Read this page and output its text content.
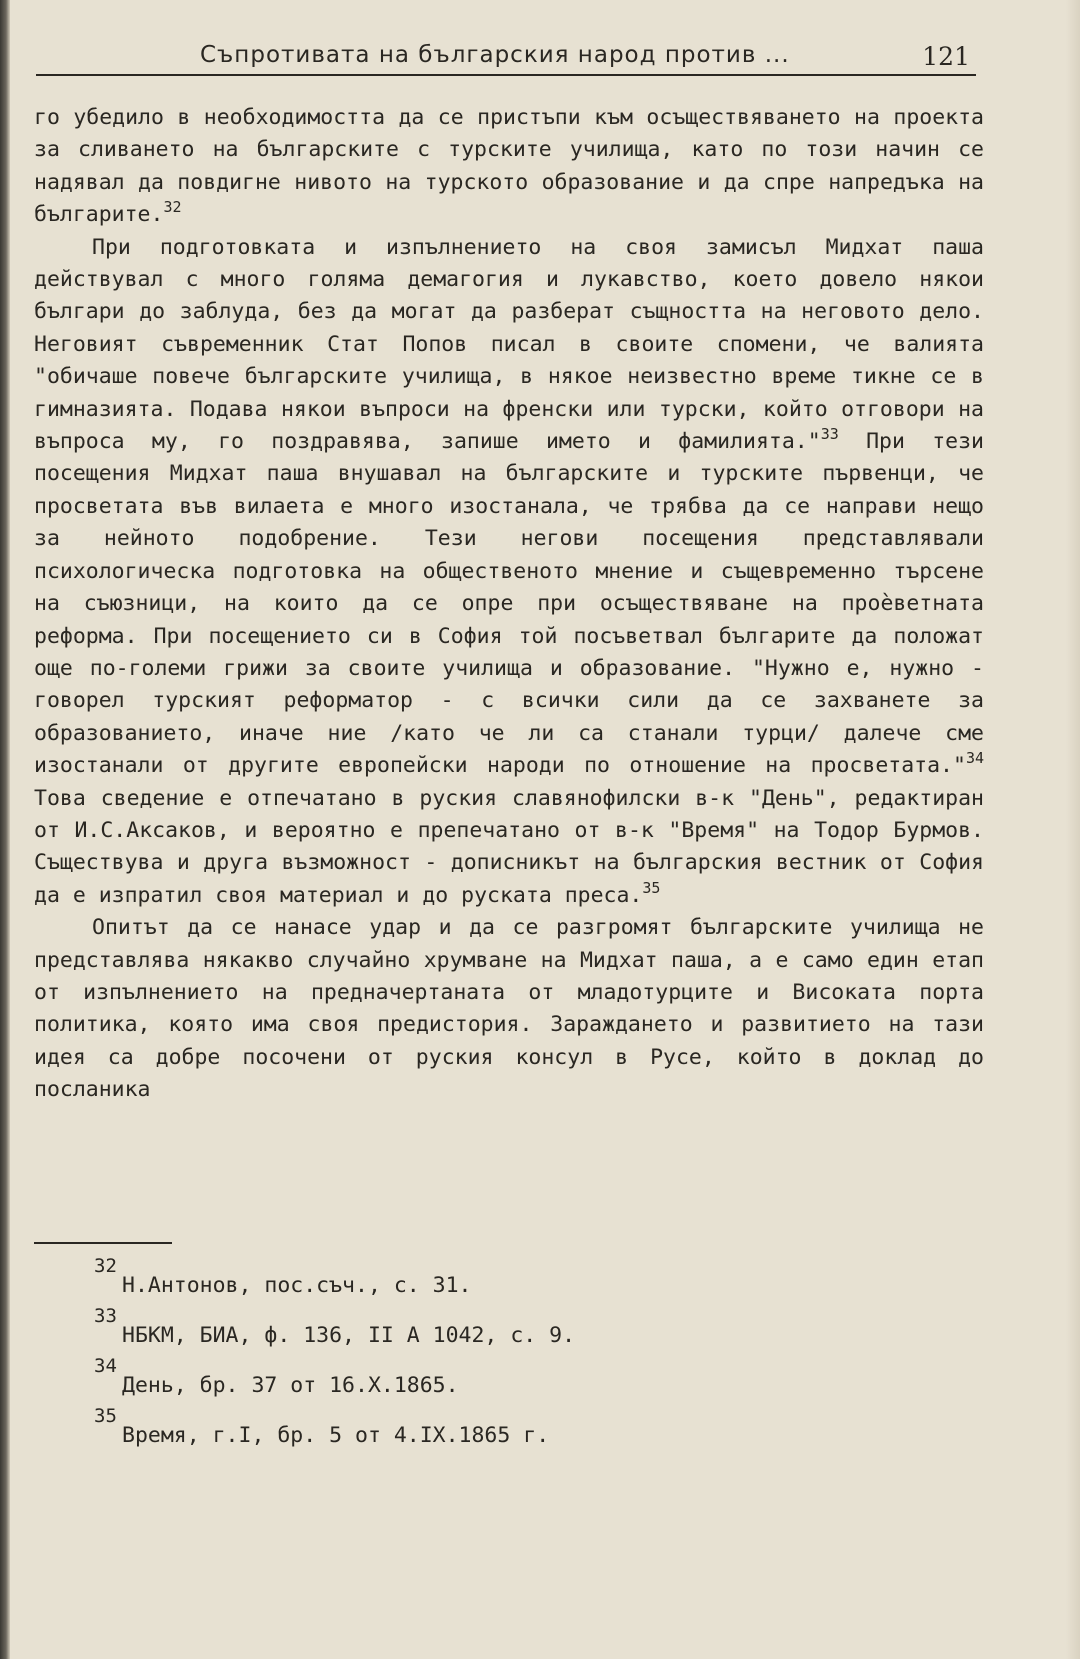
Съпротивата на българския народ против ...	121

го убедило в необходимостта да се пристъпи към осъществяването на проекта за сливането на българските с турските училища, като по този начин се надявал да повдигне нивото на турското образование и да спре напредъка на българите.$^{32}$

При подготовката и изпълнението на своя замисъл Мидхат паша действувал с много голяма демагогия и лукавство, което довело някои българи до заблуда, без да могат да разберат същността на неговото дело. Неговият съвременник Стат Попов писал в своите спомени, че валията "обичаше повече българските училища, в някое неизвестно време тикне се в гимназията. Подава някои въпроси на френски или турски, който отговори на въпроса му, го поздравява, запише името и фамилията."$^{33}$ При тези посещения Мидхат паша внушавал на българските и турските първенци, че просветата във вилаета е много изостанала, че трябва да се направи нещо за нейното подобрение. Тези негови посещения представлявали психологическа подготовка на общественото мнение и същевременно търсене на съюзници, на които да се опре при осъществяване на проѐветната реформа. При посещението си в София той посъветвал българите да положат още по-големи грижи за своите училища и образование. "Нужно е, нужно - говорел турският реформатор - с всички сили да се захванете за образованието, иначе ние /като че ли са станали турци/ далече сме изостанали от другите европейски народи по отношение на просветата."$^{34}$ Това сведение е отпечатано в руския славянофилски в-к "День", редактиран от И.С.Аксаков, и вероятно е препечатано от в-к "Время" на Тодор Бурмов. Съществува и друга възможност - дописникът на българския вестник от София да е изпратил своя материал и до руската преса.$^{35}$

Опитът да се нанасе удар и да се разгромят българските училища не представлява някакво случайно хрумване на Мидхат паша, а е само един етап от изпълнението на предначертаната от младотурците и Високата порта политика, която има своя предистория. Зараждането и развитието на тази идея са добре посочени от руския консул в Русе, който в доклад до посланика

32
Н.Антонов, пос.съч., с. 31.
33
НБКМ, БИА, ф. 136, II А 1042, с. 9.
34
День, бр. 37 от 16.X.1865.
35
Время, г.I, бр. 5 от 4.IX.1865 г.
